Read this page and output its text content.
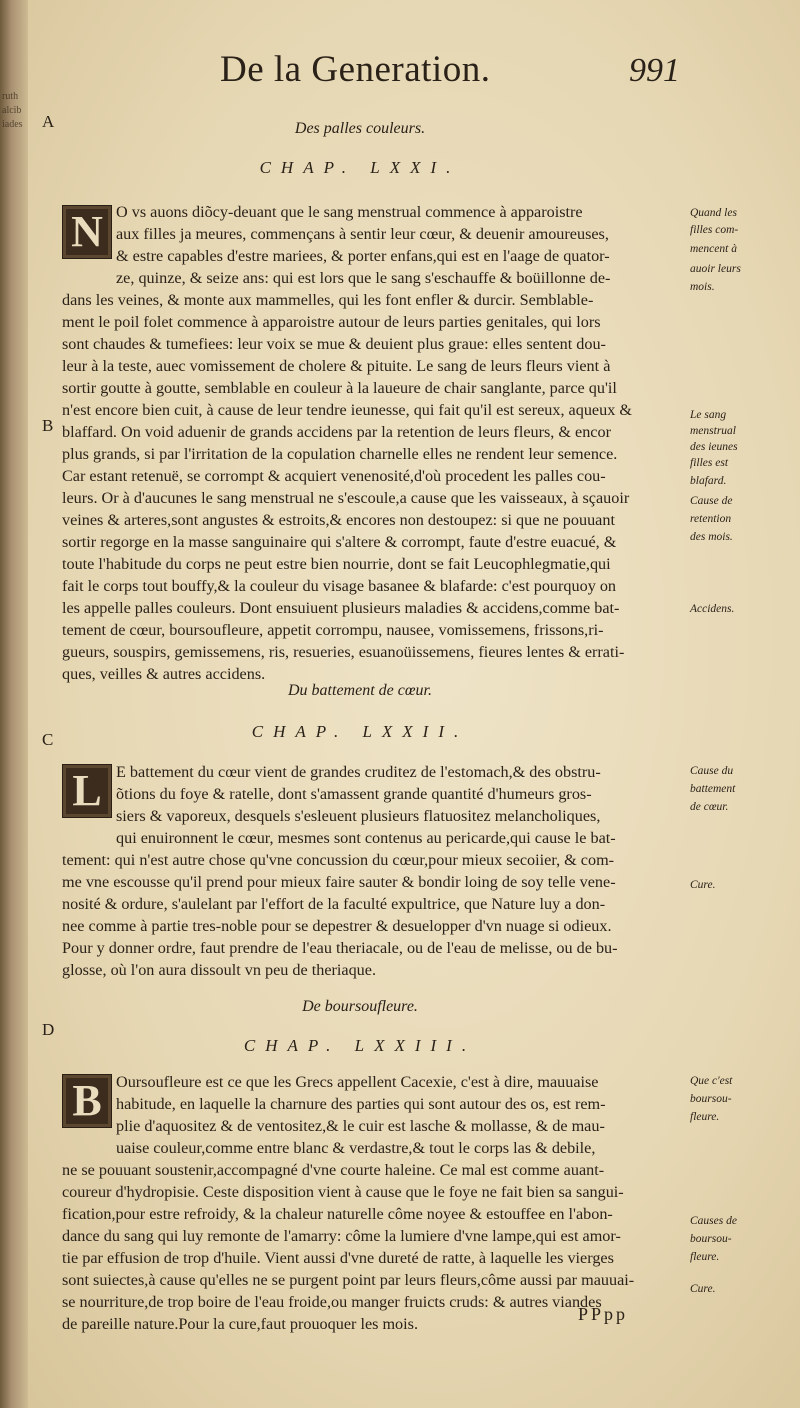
ruth alcibiades
De la Generation.	991
A
B
C
D
Des palles couleurs.
CHAP. LXXI.
N O vs auons diõcy-deuant que le sang menstrual commence à apparoistre
aux filles ja meures, commençans à sentir leur cœur, & deuenir amoureuses,
& estre capables d'estre mariees, & porter enfans,qui est en l'aage de quator-
ze, quinze, & seize ans: qui est lors que le sang s'eschauffe & boüillonne de-
dans les veines, & monte aux mammelles, qui les font enfler & durcir. Semblable-
ment le poil folet commence à apparoistre autour de leurs parties genitales, qui lors
sont chaudes & tumefiees: leur voix se mue & deuient plus graue: elles sentent dou-
leur à la teste, auec vomissement de cholere & pituite. Le sang de leurs fleurs vient à
sortir goutte à goutte, semblable en couleur à la laueure de chair sanglante, parce qu'il
n'est encore bien cuit, à cause de leur tendre ieunesse, qui fait qu'il est sereux, aqueux &
blaffard. On void aduenir de grands accidens par la retention de leurs fleurs, & encor
plus grands, si par l'irritation de la copulation charnelle elles ne rendent leur semence.
Car estant retenuë, se corrompt & acquiert venenosité,d'où procedent les palles cou-
leurs. Or à d'aucunes le sang menstrual ne s'escoule,a cause que les vaisseaux, à sçauoir
veines & arteres,sont angustes & estroits,& encores non destoupez: si que ne pouuant
sortir regorge en la masse sanguinaire qui s'altere & corrompt, faute d'estre euacué, &
toute l'habitude du corps ne peut estre bien nourrie, dont se fait Leucophlegmatie,qui
fait le corps tout bouffy,& la couleur du visage basanee & blafarde: c'est pourquoy on
les appelle palles couleurs. Dont ensuiuent plusieurs maladies & accidens,comme bat-
tement de cœur, boursoufleure, appetit corrompu, nausee, vomissemens, frissons,ri-
gueurs, souspirs, gemissemens, ris, resueries, esuanoüissemens, fieures lentes & errati-
ques, veilles & autres accidens.
Du battement de cœur.
CHAP. LXXII.
L E battement du cœur vient de grandes cruditez de l'estomach,& des obstru-
õtions du foye & ratelle, dont s'amassent grande quantité d'humeurs gros-
siers & vaporeux, desquels s'esleuent plusieurs flatuositez melancholiques,
qui enuironnent le cœur, mesmes sont contenus au pericarde,qui cause le bat-
tement: qui n'est autre chose qu'vne concussion du cœur,pour mieux secoiier, & com-
me vne escousse qu'il prend pour mieux faire sauter & bondir loing de soy telle vene-
nosité & ordure, s'aulelant par l'effort de la faculté expultrice, que Nature luy a don-
nee comme à partie tres-noble pour se depestrer & desuelopper d'vn nuage si odieux.
Pour y donner ordre, faut prendre de l'eau theriacale, ou de l'eau de melisse, ou de bu-
glosse, où l'on aura dissoult vn peu de theriaque.
De boursoufleure.
CHAP. LXXIII.
B Oursoufleure est ce que les Grecs appellent Cacexie, c'est à dire, mauuaise
habitude, en laquelle la charnure des parties qui sont autour des os, est rem-
plie d'aquositez & de ventositez,& le cuir est lasche & mollasse, & de mau-
uaise couleur,comme entre blanc & verdastre,& tout le corps las & debile,
ne se pouuant soustenir,accompagné d'vne courte haleine. Ce mal est comme auant-
coureur d'hydropisie. Ceste disposition vient à cause que le foye ne fait bien sa sangui-
fication,pour estre refroidy, & la chaleur naturelle côme noyee & estouffee en l'abon-
dance du sang qui luy remonte de l'amarry: côme la lumiere d'vne lampe,qui est amor-
tie par effusion de trop d'huile. Vient aussi d'vne dureté de ratte, à laquelle les vierges
sont suiectes,à cause qu'elles ne se purgent point par leurs fleurs,côme aussi par mauuai-
se nourriture,de trop boire de l'eau froide,ou manger fruicts cruds: & autres viandes
de pareille nature.Pour la cure,faut prouoquer les mois.	PPpp
Quand les
filles com-
mencent à
auoir leurs
mois.
Le sang
menstrual
des ieunes
filles est
blafard.
Cause de
retention
des mois.
Accidens.
Cause du
battement
de cœur.
Cure.
Que c'est
boursou-
fleure.
Causes de
boursou-
fleure.
Cure.
